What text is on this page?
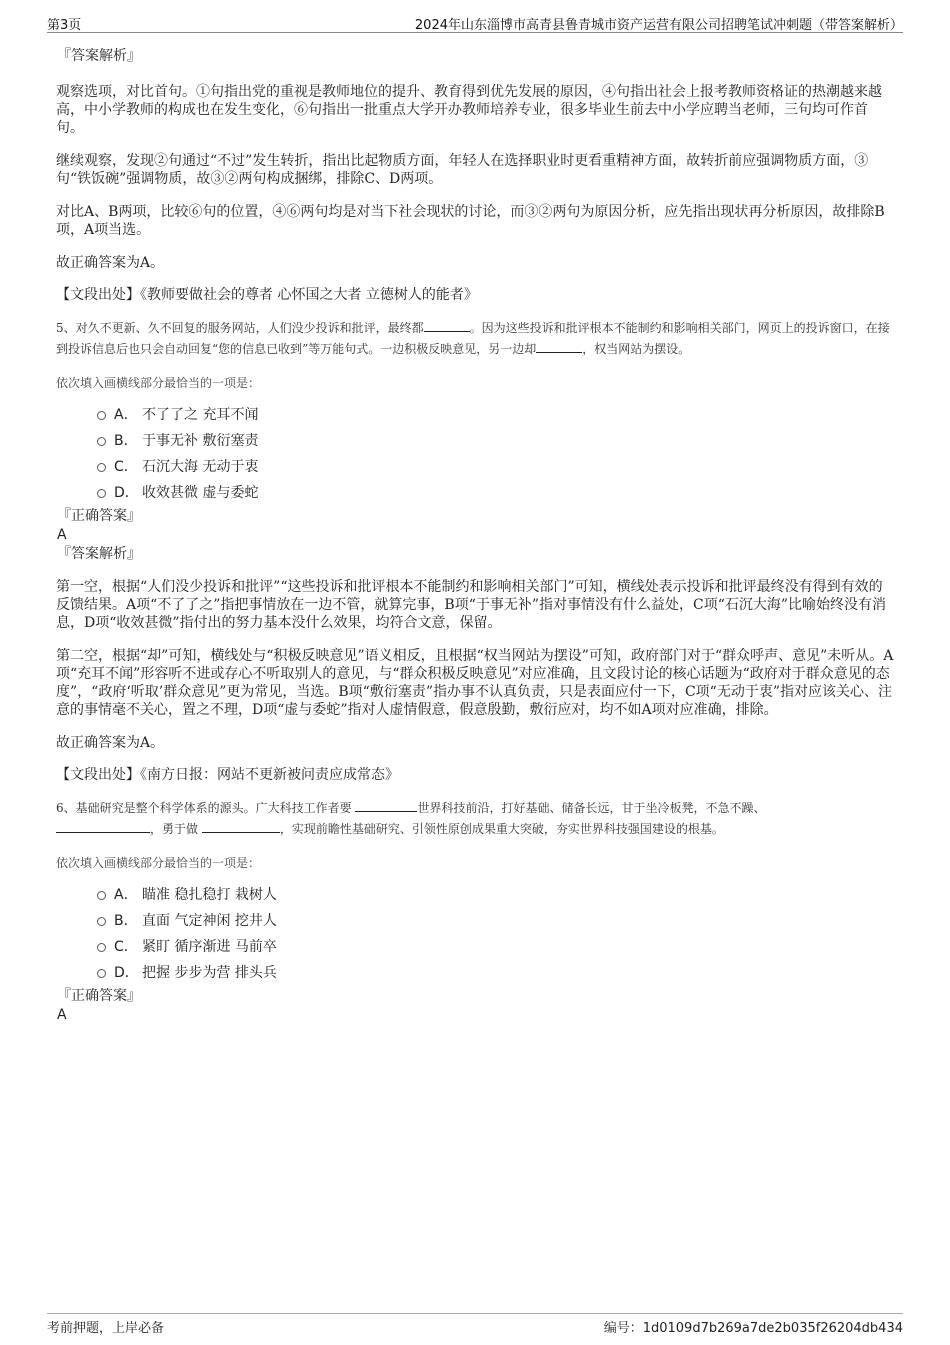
第3页	2024年山东淄博市高青县鲁青城市资产运营有限公司招聘笔试冲刺题（带答案解析）

『答案解析』

观察选项，对比首句。①句指出党的重视是教师地位的提升、教育得到优先发展的原因，④句指出社会上报考教师资格证的热潮越来越高，中小学教师的构成也在发生变化，⑥句指出一批重点大学开办教师培养专业，很多毕业生前去中小学应聘当老师，三句均可作首句。

继续观察，发现②句通过“不过”发生转折，指出比起物质方面，年轻人在选择职业时更看重精神方面，故转折前应强调物质方面，③句“铁饭碗”强调物质，故③②两句构成捆绑，排除C、D两项。

对比A、B两项，比较⑥句的位置，④⑥两句均是对当下社会现状的讨论，而③②两句为原因分析，应先指出现状再分析原因，故排除B项，A项当选。

故正确答案为A。

【文段出处】《教师要做社会的尊者 心怀国之大者 立德树人的能者》

5、对久不更新、久不回复的服务网站，人们没少投诉和批评，最终都	。因为这些投诉和批评根本不能制约和影响相关部门，网页上的投诉窗口，在接到投诉信息后也只会自动回复“您的信息已收到”等万能句式。一边积极反映意见，另一边却	，权当网站为摆设。

依次填入画横线部分最恰当的一项是：

A． 不了了之 充耳不闻
B． 于事无补 敷衍塞责
C． 石沉大海 无动于衷
D． 收效甚微 虚与委蛇

『正确答案』

A

『答案解析』

第一空，根据“人们没少投诉和批评”“这些投诉和批评根本不能制约和影响相关部门”可知，横线处表示投诉和批评最终没有得到有效的反馈结果。A项“不了了之”指把事情放在一边不管，就算完事，B项“于事无补”指对事情没有什么益处，C项“石沉大海”比喻始终没有消息，D项“收效甚微”指付出的努力基本没什么效果，均符合文意，保留。

第二空，根据“却”可知，横线处与“积极反映意见”语义相反，且根据“权当网站为摆设”可知，政府部门对于“群众呼声、意见”未听从。A项“充耳不闻”形容听不进或存心不听取别人的意见，与“群众积极反映意见”对应准确，且文段讨论的核心话题为“政府对于群众意见的态度”，“政府‘听取’群众意见”更为常见，当选。B项“敷衍塞责”指办事不认真负责，只是表面应付一下，C项“无动于衷”指对应该关心、注意的事情毫不关心，置之不理，D项“虚与委蛇”指对人虚情假意，假意殷勤，敷衍应对，均不如A项对应准确，排除。

故正确答案为A。

【文段出处】《南方日报：网站不更新被问责应成常态》

6、基础研究是整个科学体系的源头。广大科技工作者要	世界科技前沿，打好基础、储备长远，甘于坐冷板凳，不急不躁、
，勇于做	，实现前瞻性基础研究、引领性原创成果重大突破，夯实世界科技强国建设的根基。

依次填入画横线部分最恰当的一项是：

A． 瞄准 稳扎稳打 栽树人
B． 直面 气定神闲 挖井人
C． 紧盯 循序渐进 马前卒
D． 把握 步步为营 排头兵

『正确答案』

A

考前押题，上岸必备	编号：1d0109d7b269a7de2b035f26204db434
